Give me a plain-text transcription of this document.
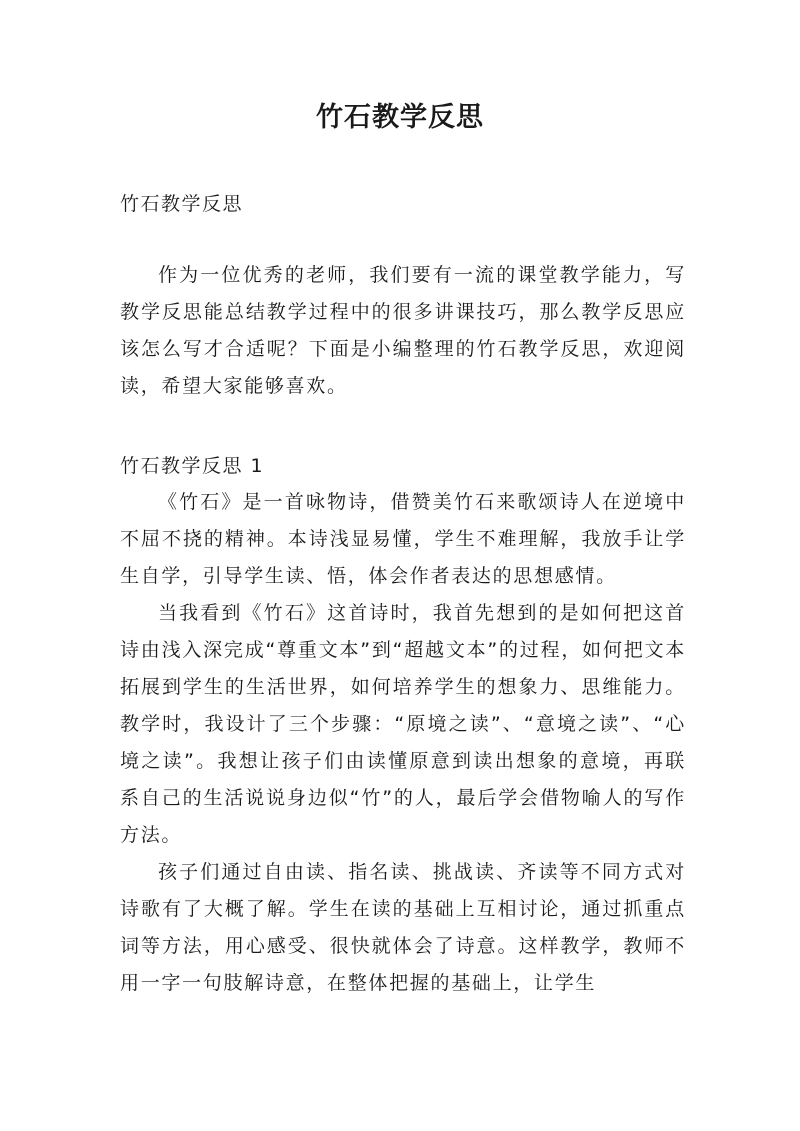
竹石教学反思
竹石教学反思

作为一位优秀的老师，我们要有一流的课堂教学能力，写教学反思能总结教学过程中的很多讲课技巧，那么教学反思应该怎么写才合适呢？下面是小编整理的竹石教学反思，欢迎阅读，希望大家能够喜欢。

竹石教学反思 1

《竹石》是一首咏物诗，借赞美竹石来歌颂诗人在逆境中不屈不挠的精神。本诗浅显易懂，学生不难理解，我放手让学生自学，引导学生读、悟，体会作者表达的思想感情。

当我看到《竹石》这首诗时，我首先想到的是如何把这首诗由浅入深完成“尊重文本”到“超越文本”的过程，如何把文本拓展到学生的生活世界，如何培养学生的想象力、思维能力。教学时，我设计了三个步骤：“原境之读”、“意境之读”、“心境之读”。我想让孩子们由读懂原意到读出想象的意境，再联系自己的生活说说身边似“竹”的人，最后学会借物喻人的写作方法。

孩子们通过自由读、指名读、挑战读、齐读等不同方式对诗歌有了大概了解。学生在读的基础上互相讨论，通过抓重点词等方法，用心感受、很快就体会了诗意。这样教学，教师不用一字一句肢解诗意，在整体把握的基础上，让学生
